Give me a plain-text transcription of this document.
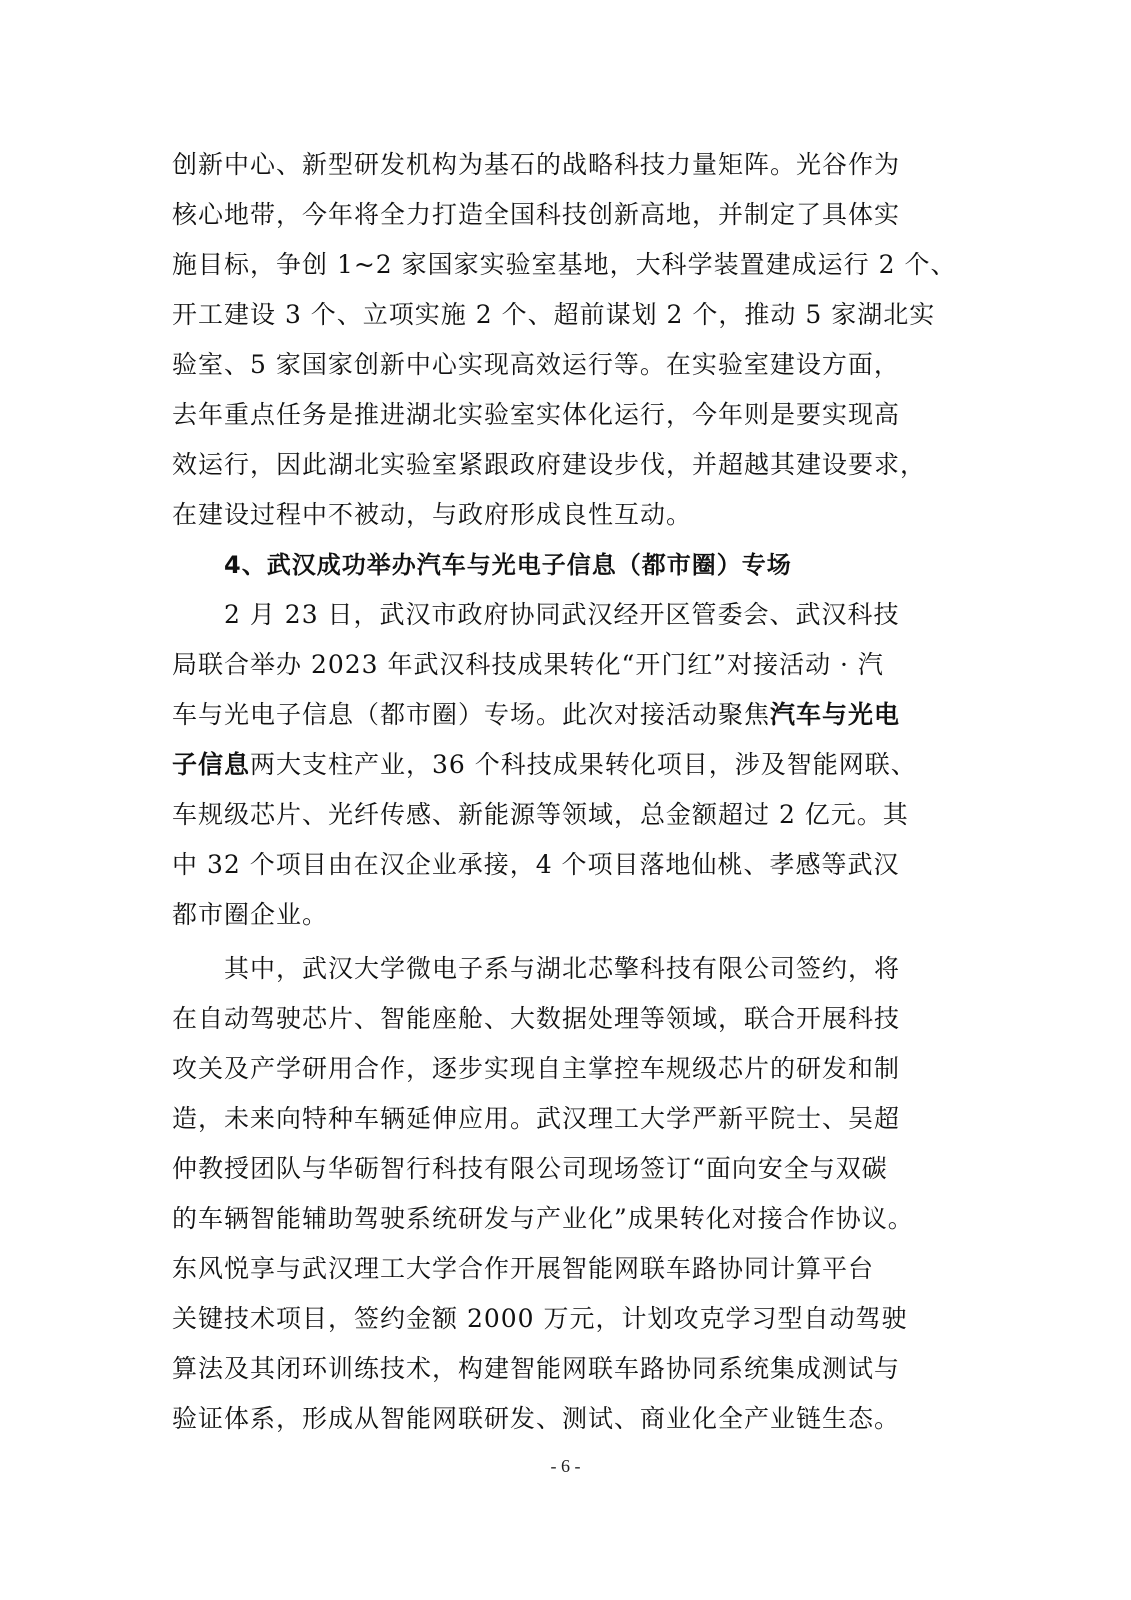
创新中心、新型研发机构为基石的战略科技力量矩阵。光谷作为
核心地带，今年将全力打造全国科技创新高地，并制定了具体实
施目标，争创 1~2 家国家实验室基地，大科学装置建成运行 2 个、
开工建设 3 个、立项实施 2 个、超前谋划 2 个，推动 5 家湖北实
验室、5 家国家创新中心实现高效运行等。在实验室建设方面，
去年重点任务是推进湖北实验室实体化运行，今年则是要实现高
效运行，因此湖北实验室紧跟政府建设步伐，并超越其建设要求，
在建设过程中不被动，与政府形成良性互动。
4、武汉成功举办汽车与光电子信息（都市圈）专场
2 月 23 日，武汉市政府协同武汉经开区管委会、武汉科技
局联合举办 2023 年武汉科技成果转化“开门红”对接活动 · 汽
车与光电子信息（都市圈）专场。此次对接活动聚焦汽车与光电
子信息两大支柱产业，36 个科技成果转化项目，涉及智能网联、
车规级芯片、光纤传感、新能源等领域，总金额超过 2 亿元。其
中 32 个项目由在汉企业承接，4 个项目落地仙桃、孝感等武汉
都市圈企业。
其中，武汉大学微电子系与湖北芯擎科技有限公司签约，将
在自动驾驶芯片、智能座舱、大数据处理等领域，联合开展科技
攻关及产学研用合作，逐步实现自主掌控车规级芯片的研发和制
造，未来向特种车辆延伸应用。武汉理工大学严新平院士、吴超
仲教授团队与华砺智行科技有限公司现场签订“面向安全与双碳
的车辆智能辅助驾驶系统研发与产业化”成果转化对接合作协议。
东风悦享与武汉理工大学合作开展智能网联车路协同计算平台
关键技术项目，签约金额 2000 万元，计划攻克学习型自动驾驶
算法及其闭环训练技术，构建智能网联车路协同系统集成测试与
验证体系，形成从智能网联研发、测试、商业化全产业链生态。
- 6 -
